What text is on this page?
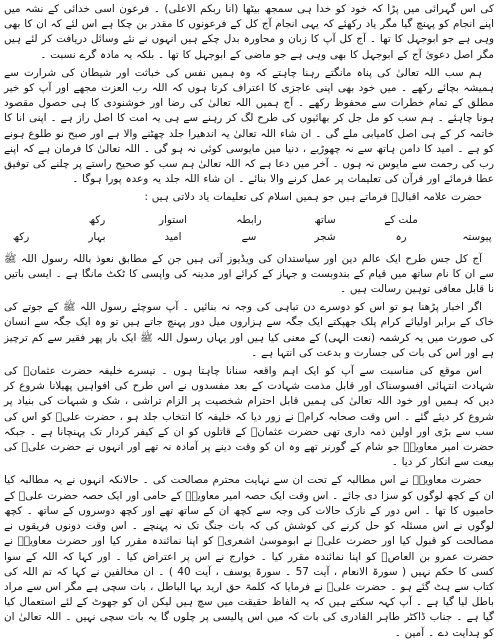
کی اس گہرائی میں پڑا کہ خود کو خدا ہی سمجھ بیٹھا (انا ربکم الاعلی) ۔ فرعون اسی خدائی کے نشہ میں اپنے انجام کو پہنچ گیا مگر یاد رکھئے کہ یہی انجام آج کل کے فرعونوں کا مقدر بن چکا ہے اس لئے کہ ان کا بھی وہی ہے جو ابوجہل کا تھا ۔ آج کل آپ کا زبان و محاورہ بدل چکے ہیں انہوں نے نئے وسائل دریافت کر لئے ہیں مگر اصل دعویٰ آج کے ابوجہل کا بھی وہی ہے جو ماضی کے ابوجہل کا تھا ۔ بلکہ یہ مادہ گرے نسبت ۔

ہم سب اللہ تعالیٰ کی پناہ مانگتے رہنا چاہتے کہ وہ ہمیں نفس کی خباثت اور شیطان کی شرارت سے ہمیشہ بچائے رکھے ۔ میں خود بھی اپنی عاجزی کا اعتراف کرتا ہوں کہ اللہ رب العزت مجھے اور آپ کو خیر مطلق کے تمام خطرات سے محفوظ رکھے ۔ آج ہمیں اللہ تعالیٰ کی رضا اور خوشنودی کا ہی حصول مقصود ہونا چاہئے ۔ ہم سب کو مل جل کر بھائیوں کی طرح لگ کر رہنے سے ہی یہ امت کا اصل راز ہے ۔ اپنی انا کا خاتمہ کر کے ہی اصل کامیابی ملے گی ۔ ان شاء اللہ تعالیٰ یہ اندھیرا جلد چھٹنے والا ہے اور صبح نو طلوع ہونے کو ہے ۔ امید کا دامن ہاتھ سے نہ چھوڑیے ، دنیا میں مایوسی کوئی نہ ہو گی ۔ اللہ تعالیٰ کا فرمان ہے کہ اپنے رب کی رحمت سے مایوس نہ ہوں ۔ آخر میں دعا ہے کہ اللہ تعالیٰ ہم سب کو صحیح راستے پر چلنے کی توفیق عطا فرمائے اور قرآن کی تعلیمات پر عمل کرنے والا بنائے ۔ ان شاء اللہ جلد یہ وعدہ پورا ہوگا ۔

حضرت علامہ اقبالؒ فرماتے ہیں جو ہمیں اسلام کی تعلیمات یاد دلاتی ہیں :

ملت کے
ساتھ
رابطہ
استوار
رکھ
پیوستہ
رہ
شجر
سے
امید
بہار
رکھ

آج کل جس طرح ایک عالم دین اور سیاستدان کی ویڈیوز آتی ہیں جن کے مطابق نعوذ باللہ رسول اللہ ﷺ سے ان کا نام ساتھ میں قیام کے بندوبست و جہاز کے کرائے اور مدینہ کی واپسی کا ٹکٹ مانگا ہے ۔ ایسی باتیں نا قابل معافی توہین رسالت ہیں ۔

اگر اخبار پڑھنا ہو تو اس کو دوسرے دن تباہی کی وجہ نہ بنائیں ۔ آپ سوچئے رسول اللہ ﷺ کے جوتے کی خاک کے برابر اولیائے کرام پلک جھپکتے ایک جگہ سے ہزاروں میل دور پہنچ جاتے ہیں تو وہ ایک جگہ سے انسان کی صورت میں یہ کرشمہ (نعت الہی) کے معنی کیا ہیں اور یہاں رسول اللہ ﷺ ایک بار پھر فقیر سے کم ترچیز ہے اور اس کی بات کی جسارت و بدعت کی انتہا ہے ۔

اس موقع کی مناسبت سے آپ کو ایک اہم واقعہ سنانا چاہتا ہوں ۔ تیسرے خلیفہ حضرت عثمانؓ کی شہادت انتہائی افسوسناک اور قابل مذمت شہادت کے بعد مفسدوں نے اس طرح کی افواہیں پھیلانا شروع کر دیں کہ ہمیں اور خود اللہ تعالیٰ کی ہمیں قابل احترام شخصیت پر الزام تراشی ، شک و شبہات کی بنیاد پر شروع کر دیئے گئے ۔ اس وقت صحابہ کرامؓ نے زور دیا کہ خلیفہ کا انتخاب جلد ہو ، حضرت علیؓ کو اس کی سب سے بڑی اور اولین ذمہ داری تھی حضرت عثمانؓ کے قاتلوں کو ان کے کیفر کردار تک پہنچانا ہے ۔ جبکہ حضرت امیر معاویہؓ جو شام کے گورنر تھے وہ ان کو وقت دینے پر آمادہ نہ تھے اور انہوں نے حضرت علیؓ کی بیعت سے انکار کر دیا ۔

حضرت معاویہؓ نے اس مطالبہ کے تحت ان سے نہایت محترم مصالحت کی ۔ حالانکہ انہوں نے یہ مطالبہ کیا ان کے کچھ لوگوں کو سزا دی جائے ۔ اس وقت ایک حصہ امیر معاویہؓ کے حامی اور ایک حصہ حضرت علیؓ کے حامیوں کا تھا ۔ اس دور کے نازک حالات کی وجہ سے کچھ ان کے ساتھ تھے اور کچھ دوسروں کے ساتھ ۔ کچھ لوگوں نے اس مسئلہ کو حل کرنے کی کوشش کی کہ بات جنگ تک نہ پہنچے ۔ اس وقت دونوں فریقوں نے مصالحت کو قبول کیا اور حضرت علیؓ نے ابوموسیٰ اشعریؓ کو اپنا نمائندہ مقرر کیا اور حضرت معاویہؓ نے حضرت عمرو بن العاصؓ کو اپنا نمائندہ مقرر کیا ۔ خوارج نے اس پر اعتراض کیا ۔ اور کہا کہ اللہ کے سوا کسی کا حکم نہیں ( سورۃ الانعام ، آیت 57 ۔ سورۃ یوسف ، آیت 40 ) ۔ ان مخالفین نے کہا کہ تم اللہ کی کتاب سے ہٹ گئے ہو ۔ حضرت علیؓ نے فرمایا کہ کلمۃ حق ارید بہا الباطل ، بات سچی ہے مگر اس سے مراد باطل لیا گیا ہے ۔ آپ کہہ سکتے ہیں کہ یہ الفاظ حقیقت میں سچ ہیں لیکن ان کو جھوٹ کے لئے استعمال کیا گیا ہے ۔ جناب ڈاکٹر طاہر القادری کی بات کہ میں اس پالیسی پر چلوں گا یہ بات سچی نہیں ۔ اللہ تعالیٰ ان کو ہدایت دے ۔ آمین ۔
